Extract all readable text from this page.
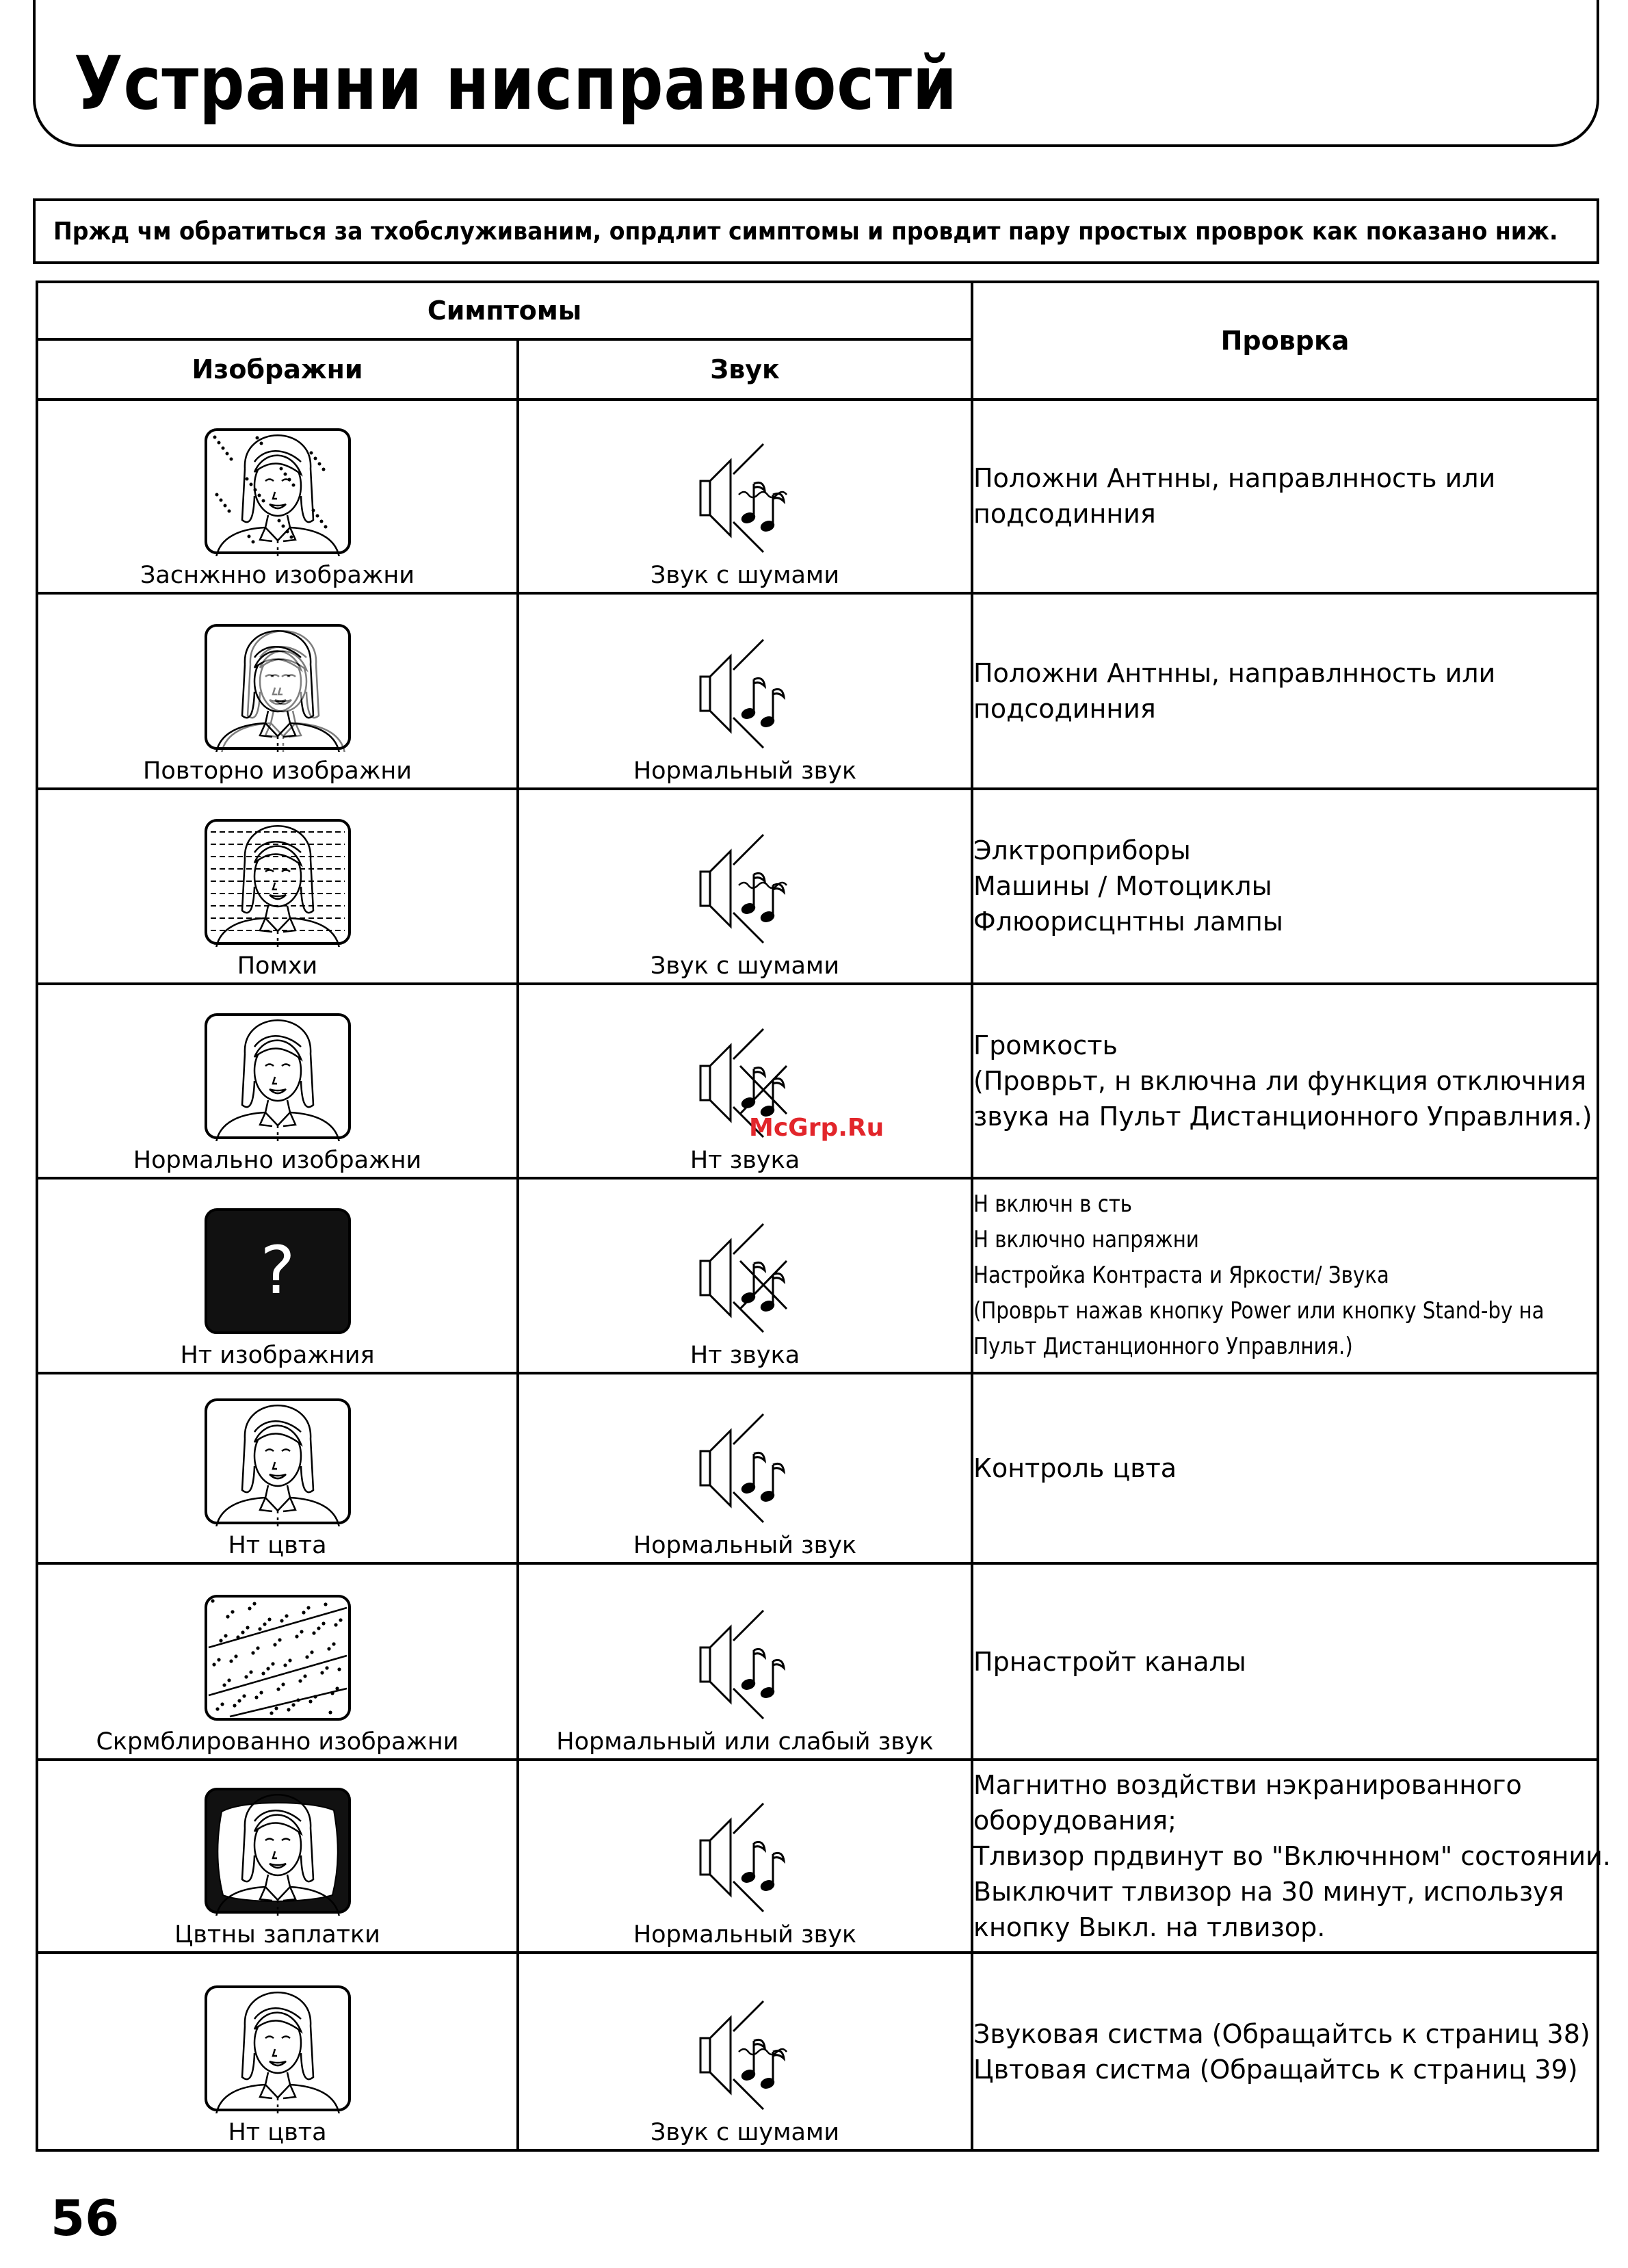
Устранни нисправностй
Пржд чм обратиться за тхобслуживаним, опрдлит симптомы и провдит пару простых проврок как показано ниж.
Симптомы		Проврка
Изображни	Звук	

Заснжнно изображни	Звук с шумами	Положни Антнны, направлнность или
подсодинния

Повторно изображни	Нормальный звук	Положни Антнны, направлнность или
подсодинния

Помхи	Звук с шумами	Элктроприборы
Машины / Мотоциклы
Флюорисцнтны лампы

Нормально изображни	Нт звука	Громкость
(Проврьт, н включна ли функция отключния
звука на Пульт Дистанционного Управлния.)

?
Нт изображния	Нт звука	Н включн в сть
Н включно напряжни
Настройка Контраста и Яркости/ Звука
(Проврьт нажав кнопку Power или кнопку Stand-by на
Пульт Дистанционного Управлния.)

Нт цвта	Нормальный звук	Контроль цвта

Скрмблированно изображни	Нормальный или слабый звук	Прнастройт каналы

Цвтны заплатки	Нормальный звук	Магнитно воздйстви нэкранированного
оборудования;
Тлвизор прдвинут во "Включнном" состоянии.
Выключит тлвизор на 30 минут, используя
кнопку Выкл. на тлвизор.

Нт цвта	Звук с шумами	Звуковая систма (Обращайтсь к страниц 38)
Цвтовая систма (Обращайтсь к страниц 39)
McGrp.Ru
56
